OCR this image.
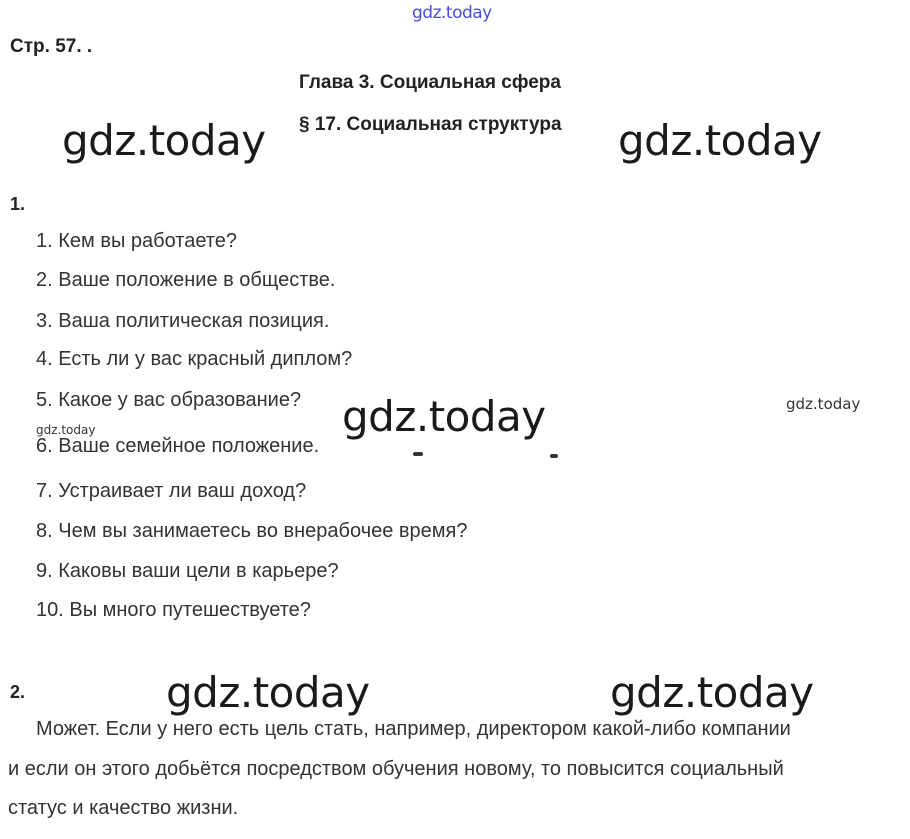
gdz.today
Стр. 57. .
Глава 3. Социальная сфера
§ 17. Социальная структура
gdz.today	gdz.today
1.
1. Кем вы работаете?
2. Ваше положение в обществе.
3. Ваша политическая позиция.
4. Есть ли у вас красный диплом?
5. Какое у вас образование?
6. Ваше семейное положение.
7. Устраивает ли ваш доход?
8. Чем вы занимаетесь во внерабочее время?
9. Каковы ваши цели в карьере?
10. Вы много путешествуете?
gdz.today	gdz.today
gdz.today
2.	gdz.today	gdz.today
Может. Если у него есть цель стать, например, директором какой-либо компании
и если он этого добьётся посредством обучения новому, то повысится социальный
статус и качество жизни.
